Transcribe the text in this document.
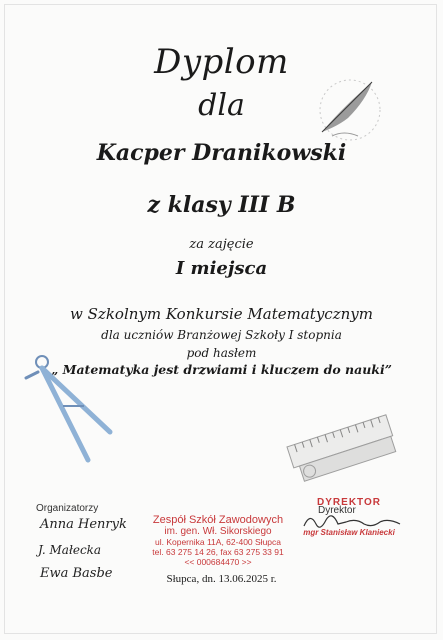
Dyplom
dla
Kacper Dranikowski
z klasy III B
za zajęcie
I miejsca
w Szkolnym Konkursie Matematycznym
dla uczniów Branżowej Szkoły I stopnia
pod hasłem
„ Matematyka jest drzwiami i kluczem do nauki”
Organizatorzy
Anna Henryk
J. Małecka
Ewa Basbe
Zespół Szkół Zawodowych
im. gen. Wł. Sikorskiego
ul. Kopernika 11A, 62-400 Słupca
tel. 63 275 14 26, fax 63 275 33 91
<< 000684470 >>
DYREKTOR
mgr Stanisław Klaniecki
Dyrektor
Słupca, dn. 13.06.2025 r.
